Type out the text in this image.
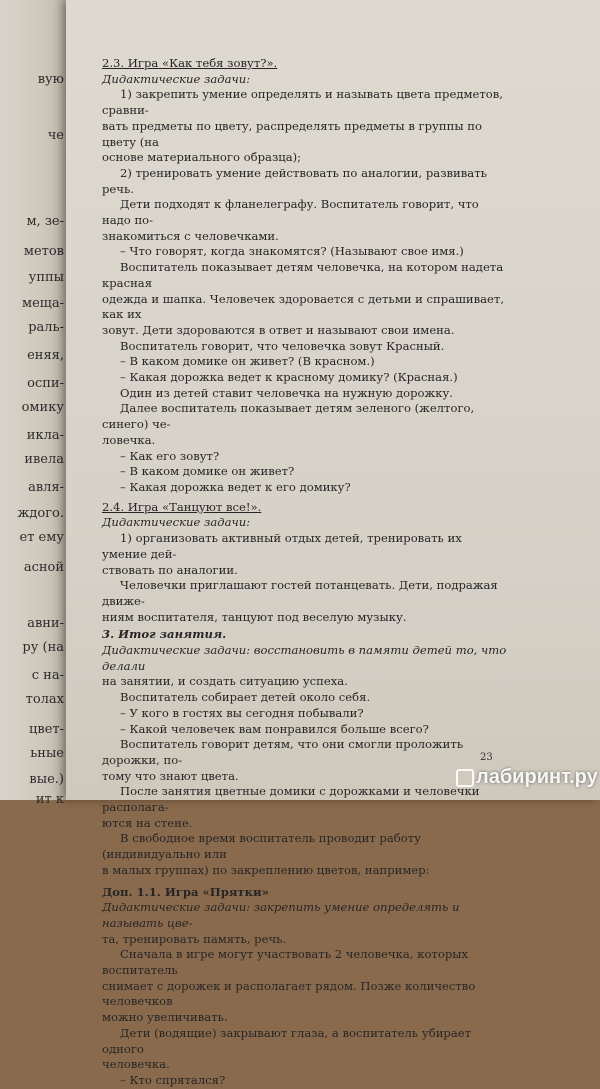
вую
че
м, зе-
метов
уппы
меща-
раль-
еняя,
оспи-
омику
икла-
ивела
авля-
ждого.
ет ему
асной
авни-
ру (на
с на-
толах
цвет-
ьные
вые.)
ит к

2.3. Игра «Как тебя зовут?».

Дидактические задачи:

1) закрепить умение определять и называть цвета предметов, сравни-

вать предметы по цвету, распределять предметы в группы по цвету (на

основе материального образца);

2) тренировать умение действовать по аналогии, развивать речь.

Дети подходят к фланелеграфу. Воспитатель говорит, что надо по-

знакомиться с человечками.

– Что говорят, когда знакомятся? (Называют свое имя.)

Воспитатель показывает детям человечка, на котором надета красная

одежда и шапка. Человечек здоровается с детьми и спрашивает, как их

зовут. Дети здороваются в ответ и называют свои имена.

Воспитатель говорит, что человечка зовут Красный.

– В каком домике он живет? (В красном.)

– Какая дорожка ведет к красному домику? (Красная.)

Один из детей ставит человечка на нужную дорожку.

Далее воспитатель показывает детям зеленого (желтого, синего) че-

ловечка.

– Как его зовут?

– В каком домике он живет?

– Какая дорожка ведет к его домику?

2.4. Игра «Танцуют все!».

Дидактические задачи:

1) организовать активный отдых детей, тренировать их умение дей-

ствовать по аналогии.

Человечки приглашают гостей потанцевать. Дети, подражая движе-

ниям воспитателя, танцуют под веселую музыку.

3. Итог занятия.

Дидактические задачи: восстановить в памяти детей то, что делали

на занятии, и создать ситуацию успеха.

Воспитатель собирает детей около себя.

– У кого в гостях вы сегодня побывали?

– Какой человечек вам понравился больше всего?

Воспитатель говорит детям, что они смогли проложить дорожки, по-

тому что знают цвета.

После занятия цветные домики с дорожками и человечки располага-

ются на стене.

В свободное время воспитатель проводит работу (индивидуально или

в малых группах) по закреплению цветов, например:

Доп. 1.1. Игра «Прятки»

Дидактические задачи: закрепить умение определять и называть цве-

та, тренировать память, речь.

Сначала в игре могут участвовать 2 человечка, которых воспитатель

снимает с дорожек и располагает рядом. Позже количество человечков

можно увеличивать.

Дети (водящие) закрывают глаза, а воспитатель убирает одного

человечка.

– Кто спрятался?

23
лабиринт.ру
